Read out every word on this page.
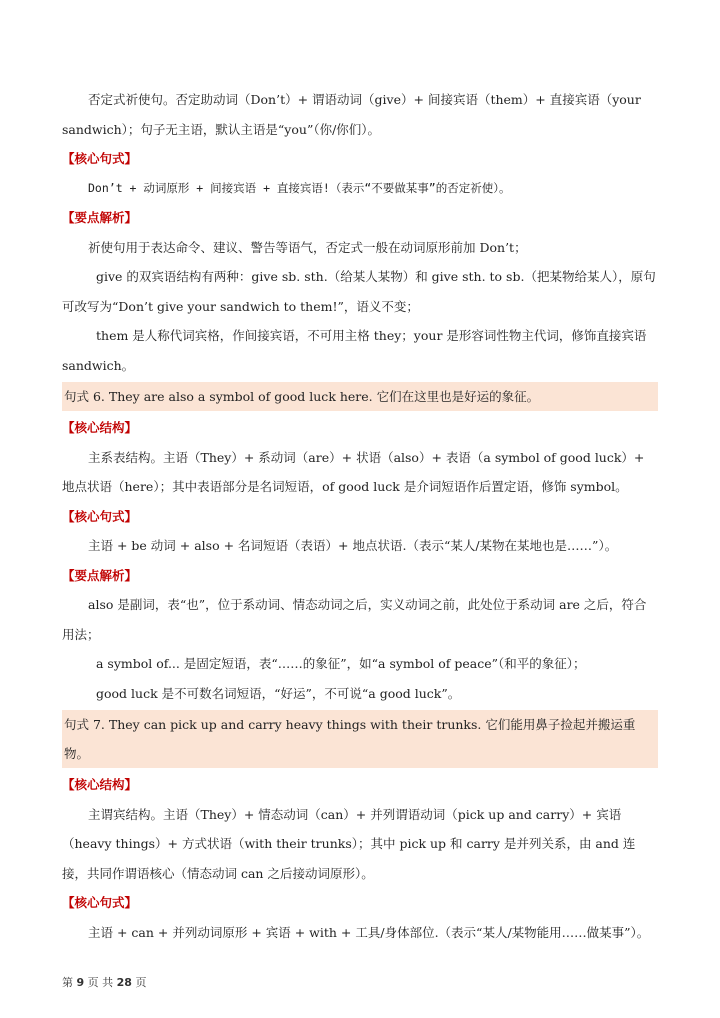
否定式祈使句。否定助动词（Don’t）+ 谓语动词（give）+ 间接宾语（them）+ 直接宾语（your sandwich）；句子无主语，默认主语是“you”（你/你们）。

【核心句式】

Don’t + 动词原形 + 间接宾语 + 直接宾语!（表示“不要做某事”的否定祈使）。

【要点解析】

祈使句用于表达命令、建议、警告等语气，否定式一般在动词原形前加 Don’t；

give 的双宾语结构有两种：give sb. sth.（给某人某物）和 give sth. to sb.（把某物给某人），原句可改写为“Don’t give your sandwich to them!”，语义不变；

them 是人称代词宾格，作间接宾语，不可用主格 they；your 是形容词性物主代词，修饰直接宾语 sandwich。

句式 6. They are also a symbol of good luck here. 它们在这里也是好运的象征。
【核心结构】

主系表结构。主语（They）+ 系动词（are）+ 状语（also）+ 表语（a symbol of good luck）+ 地点状语（here）；其中表语部分是名词短语，of good luck 是介词短语作后置定语，修饰 symbol。

【核心句式】

主语 + be 动词 + also + 名词短语（表语）+ 地点状语.（表示“某人/某物在某地也是……”）。

【要点解析】

also 是副词，表“也”，位于系动词、情态动词之后，实义动词之前，此处位于系动词 are 之后，符合用法；

a symbol of... 是固定短语，表“……的象征”，如“a symbol of peace”（和平的象征）；

good luck 是不可数名词短语，“好运”，不可说“a good luck”。

句式 7. They can pick up and carry heavy things with their trunks. 它们能用鼻子捡起并搬运重物。
【核心结构】

主谓宾结构。主语（They）+ 情态动词（can）+ 并列谓语动词（pick up and carry）+ 宾语（heavy things）+ 方式状语（with their trunks）；其中 pick up 和 carry 是并列关系，由 and 连接，共同作谓语核心（情态动词 can 之后接动词原形）。

【核心句式】

主语 + can + 并列动词原形 + 宾语 + with + 工具/身体部位.（表示“某人/某物能用……做某事”）。

第 9 页 共 28 页
